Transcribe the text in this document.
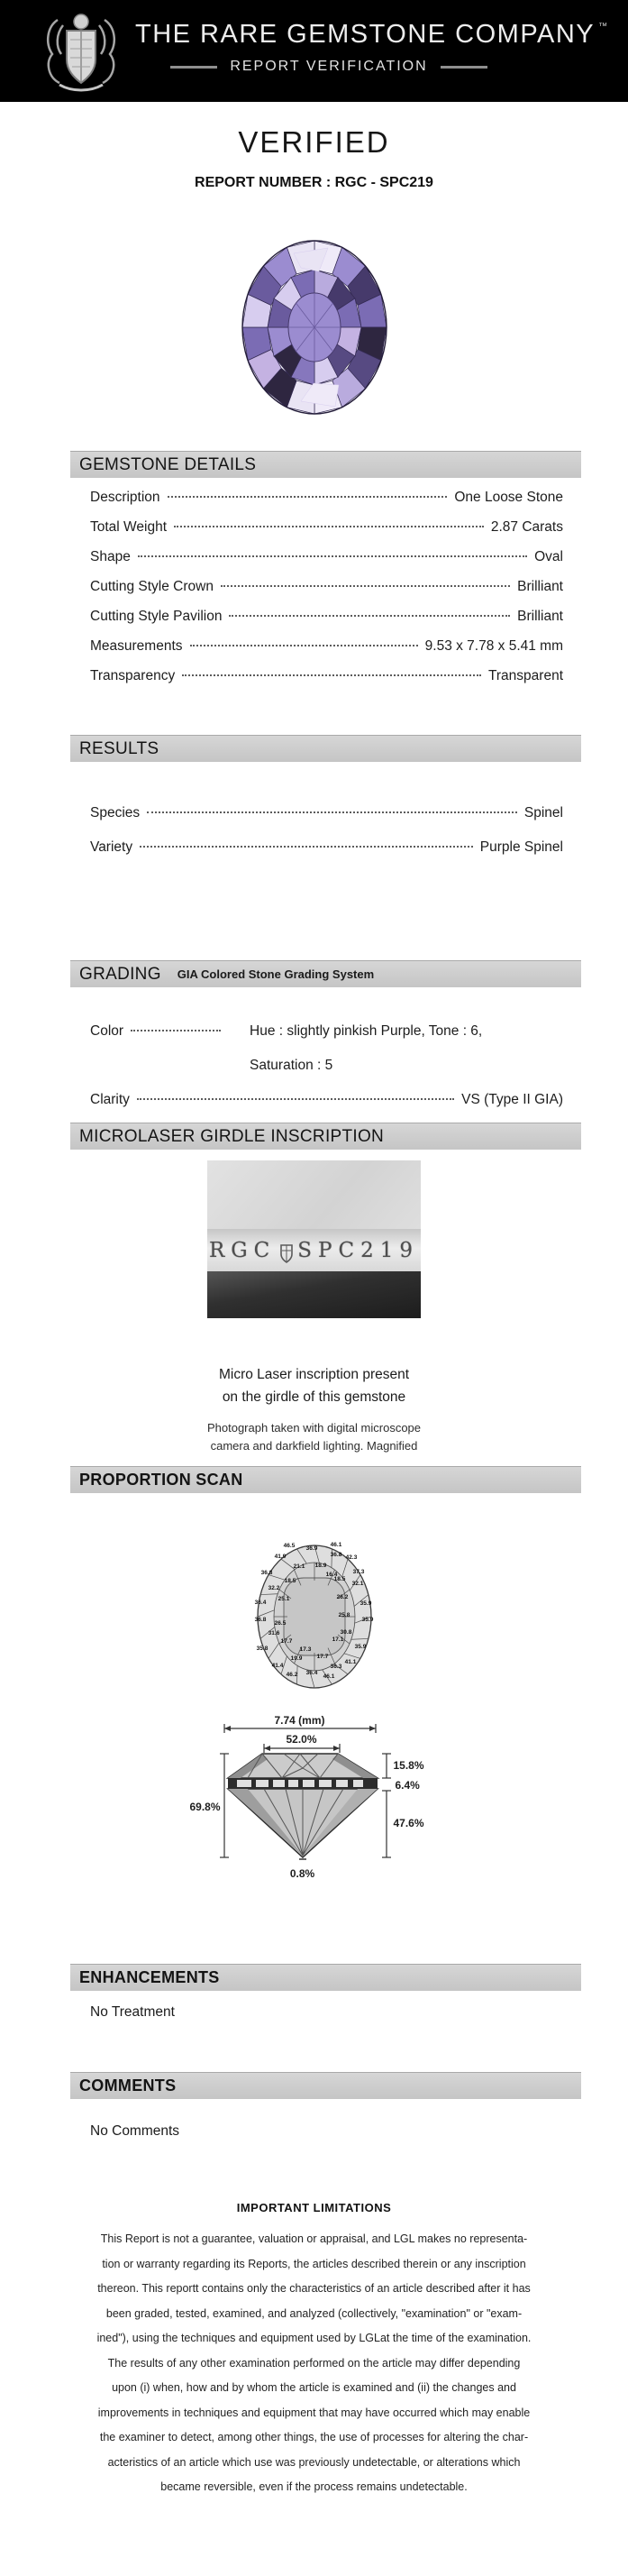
THE RARE GEMSTONE COMPANY ™
REPORT VERIFICATION
VERIFIED
REPORT NUMBER : RGC - SPC219
GEMSTONE DETAILS
Description	One Loose Stone
Total Weight	2.87 Carats
Shape	Oval
Cutting Style Crown	Brilliant
Cutting Style Pavilion	Brilliant
Measurements	9.53 x 7.78 x 5.41 mm
Transparency	Transparent
RESULTS
Species	Spinel
Variety	Purple Spinel
GRADING GIA Colored Stone Grading System
Color	Hue : slightly pinkish Purple, Tone : 6, Saturation : 5
Clarity	VS (Type II GIA)
MICROLASER GIRDLE INSCRIPTION
RGC SPC219
Micro Laser inscription present
on the girdle of this gemstone
Photograph taken with digital microscope
camera and darkfield lighting. Magnified
PROPORTION SCAN
46.5 36.9
46.1
41.9	36.8 42.3
21.1 18.9
36.8	37.3
16.4
18.5	18.5
32.2
32.1
25.1	26.2
36.4	35.9
36.8
25.8
35.9
26.5
31.6	30.8
17.7	17.1
35.8	35.9
17.3
19.9	17.7
41.4	36.3
41.1
46.2 36.4
46.1
7.74 (mm)
52.0%
15.8%
6.4%
47.6%
69.8%
0.8%
ENHANCEMENTS
No Treatment
COMMENTS
No Comments
IMPORTANT LIMITATIONS
This Report is not a guarantee, valuation or appraisal, and LGL makes no representa-
tion or warranty regarding its Reports, the articles described therein or any inscription
thereon. This reportt contains only the characteristics of an article described after it has
been graded, tested, examined, and analyzed (collectively, "examination" or "exam-
ined"), using the techniques and equipment used by LGLat the time of the examination.
The results of any other examination performed on the article may differ depending
upon (i) when, how and by whom the article is examined and (ii) the changes and
improvements in techniques and equipment that may have occurred which may enable
the examiner to detect, among other things, the use of processes for altering the char-
acteristics of an article which use was previously undetectable, or alterations which
became reversible, even if the process remains undetectable.
